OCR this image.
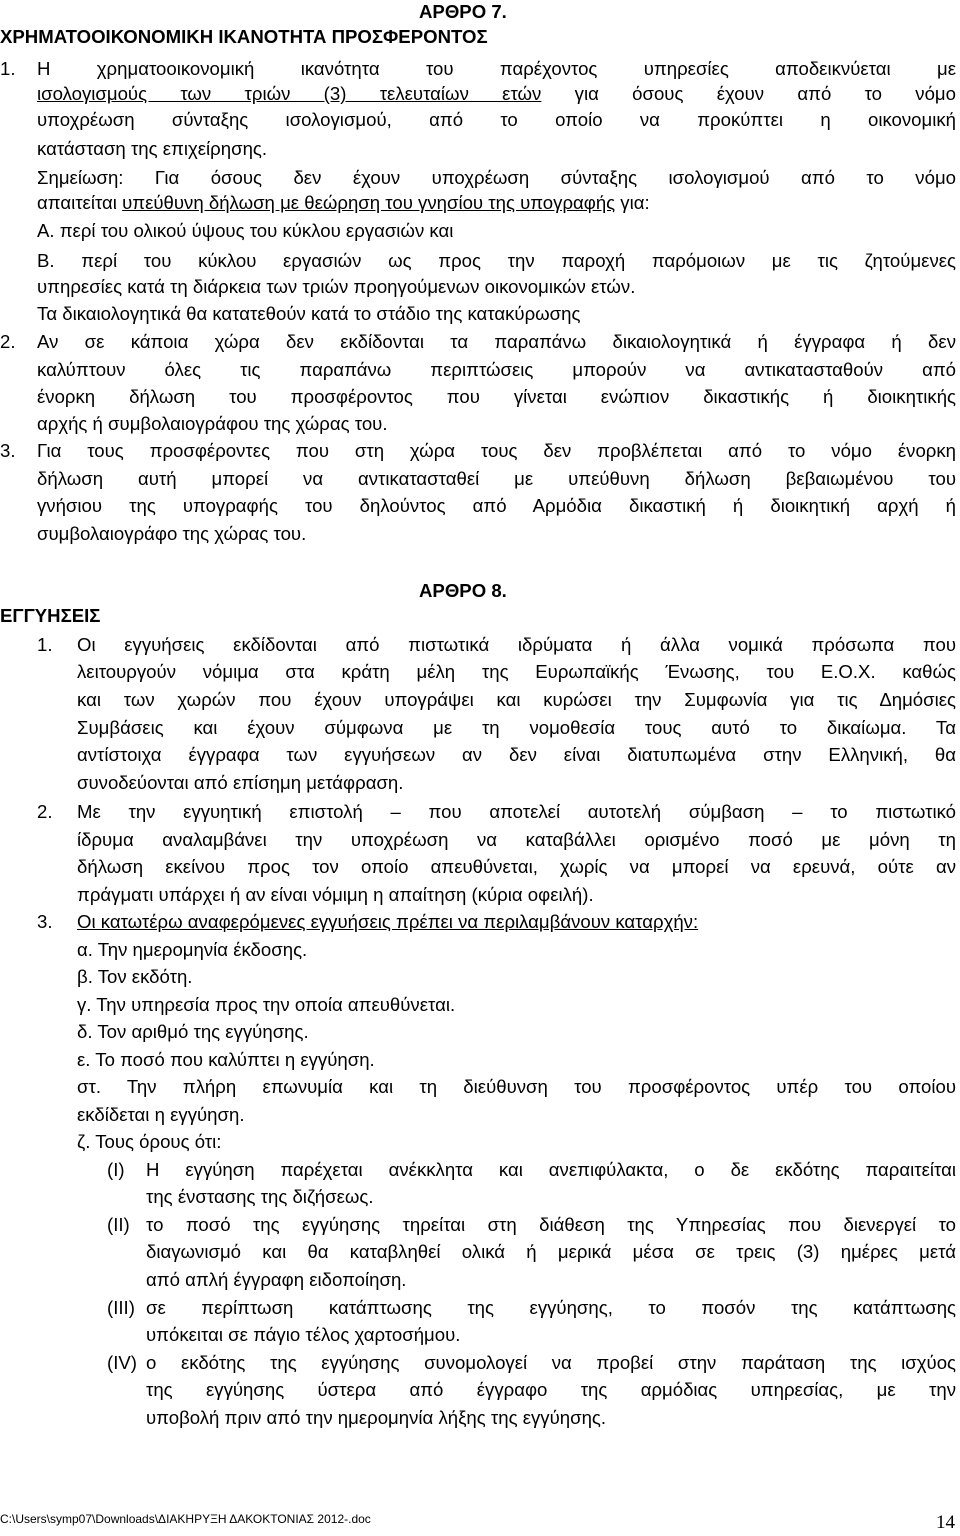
ΑΡΘΡΟ 7.
ΧΡΗΜΑΤΟΟΙΚΟΝΟΜΙΚΗ ΙΚΑΝΟΤΗΤΑ ΠΡΟΣΦΕΡΟΝΤΟΣ
1. Η χρηματοοικονομική ικανότητα του παρέχοντος υπηρεσίες αποδεικνύεται με
ισολογισμούς των τριών (3) τελευταίων ετών για όσους έχουν από το νόμο
υποχρέωση σύνταξης ισολογισμού, από το οποίο να προκύπτει η οικονομική
κατάσταση της επιχείρησης.
Σημείωση: Για όσους δεν έχουν υποχρέωση σύνταξης ισολογισμού από το νόμο
απαιτείται υπεύθυνη δήλωση με θεώρηση του γνησίου της υπογραφής για:
Α. περί του ολικού ύψους του κύκλου εργασιών και
Β. περί του κύκλου εργασιών ως προς την παροχή παρόμοιων με τις ζητούμενες
υπηρεσίες κατά τη διάρκεια των τριών προηγούμενων οικονομικών ετών.
Τα δικαιολογητικά θα κατατεθούν κατά το στάδιο της κατακύρωσης
2. Αν σε κάποια χώρα δεν εκδίδονται τα παραπάνω δικαιολογητικά ή έγγραφα ή δεν
καλύπτουν όλες τις παραπάνω περιπτώσεις μπορούν να αντικατασταθούν από
ένορκη δήλωση του προσφέροντος που γίνεται ενώπιον δικαστικής ή διοικητικής
αρχής ή συμβολαιογράφου της χώρας του.
3. Για τους προσφέροντες που στη χώρα τους δεν προβλέπεται από το νόμο ένορκη
δήλωση αυτή μπορεί να αντικατασταθεί με υπεύθυνη δήλωση βεβαιωμένου του
γνήσιου της υπογραφής του δηλούντος από Αρμόδια δικαστική ή διοικητική αρχή ή
συμβολαιογράφο της χώρας του.
ΑΡΘΡΟ 8.
ΕΓΓΥΗΣΕΙΣ
1. Οι εγγυήσεις εκδίδονται από πιστωτικά ιδρύματα ή άλλα νομικά πρόσωπα που
λειτουργούν νόμιμα στα κράτη μέλη της Ευρωπαϊκής Ένωσης, του Ε.Ο.Χ. καθώς
και των χωρών που έχουν υπογράψει και κυρώσει την Συμφωνία για τις Δημόσιες
Συμβάσεις και έχουν σύμφωνα με τη νομοθεσία τους αυτό το δικαίωμα. Τα
αντίστοιχα έγγραφα των εγγυήσεων αν δεν είναι διατυπωμένα στην Ελληνική, θα
συνοδεύονται από επίσημη μετάφραση.
2. Με την εγγυητική επιστολή – που αποτελεί αυτοτελή σύμβαση – το πιστωτικό
ίδρυμα αναλαμβάνει την υποχρέωση να καταβάλλει ορισμένο ποσό με μόνη τη
δήλωση εκείνου προς τον οποίο απευθύνεται, χωρίς να μπορεί να ερευνά, ούτε αν
πράγματι υπάρχει ή αν είναι νόμιμη η απαίτηση (κύρια οφειλή).
3. Οι κατωτέρω αναφερόμενες εγγυήσεις πρέπει να περιλαμβάνουν καταρχήν:
α. Την ημερομηνία έκδοσης.
β. Τον εκδότη.
γ. Την υπηρεσία προς την οποία απευθύνεται.
δ. Τον αριθμό της εγγύησης.
ε. Το ποσό που καλύπτει η εγγύηση.
στ. Την πλήρη επωνυμία και τη διεύθυνση του προσφέροντος υπέρ του οποίου
εκδίδεται η εγγύηση.
ζ. Τους όρους ότι:
(Ι) Η εγγύηση παρέχεται ανέκκλητα και ανεπιφύλακτα, ο δε εκδότης παραιτείται
της ένστασης της διζήσεως.
(ΙΙ) το ποσό της εγγύησης τηρείται στη διάθεση της Υπηρεσίας που διενεργεί το
διαγωνισμό και θα καταβληθεί ολικά ή μερικά μέσα σε τρεις (3) ημέρες μετά
από απλή έγγραφη ειδοποίηση.
(ΙΙΙ) σε περίπτωση κατάπτωσης της εγγύησης, το ποσόν της κατάπτωσης
υπόκειται σε πάγιο τέλος χαρτοσήμου.
(ΙV) ο εκδότης της εγγύησης συνομολογεί να προβεί στην παράταση της ισχύος
της εγγύησης ύστερα από έγγραφο της αρμόδιας υπηρεσίας, με την
υποβολή πριν από την ημερομηνία λήξης της εγγύησης.
C:\Users\symp07\Downloads\ΔΙΑΚΗΡΥΞΗ ΔΑΚΟΚΤΟΝΙΑΣ 2012-.doc	14
